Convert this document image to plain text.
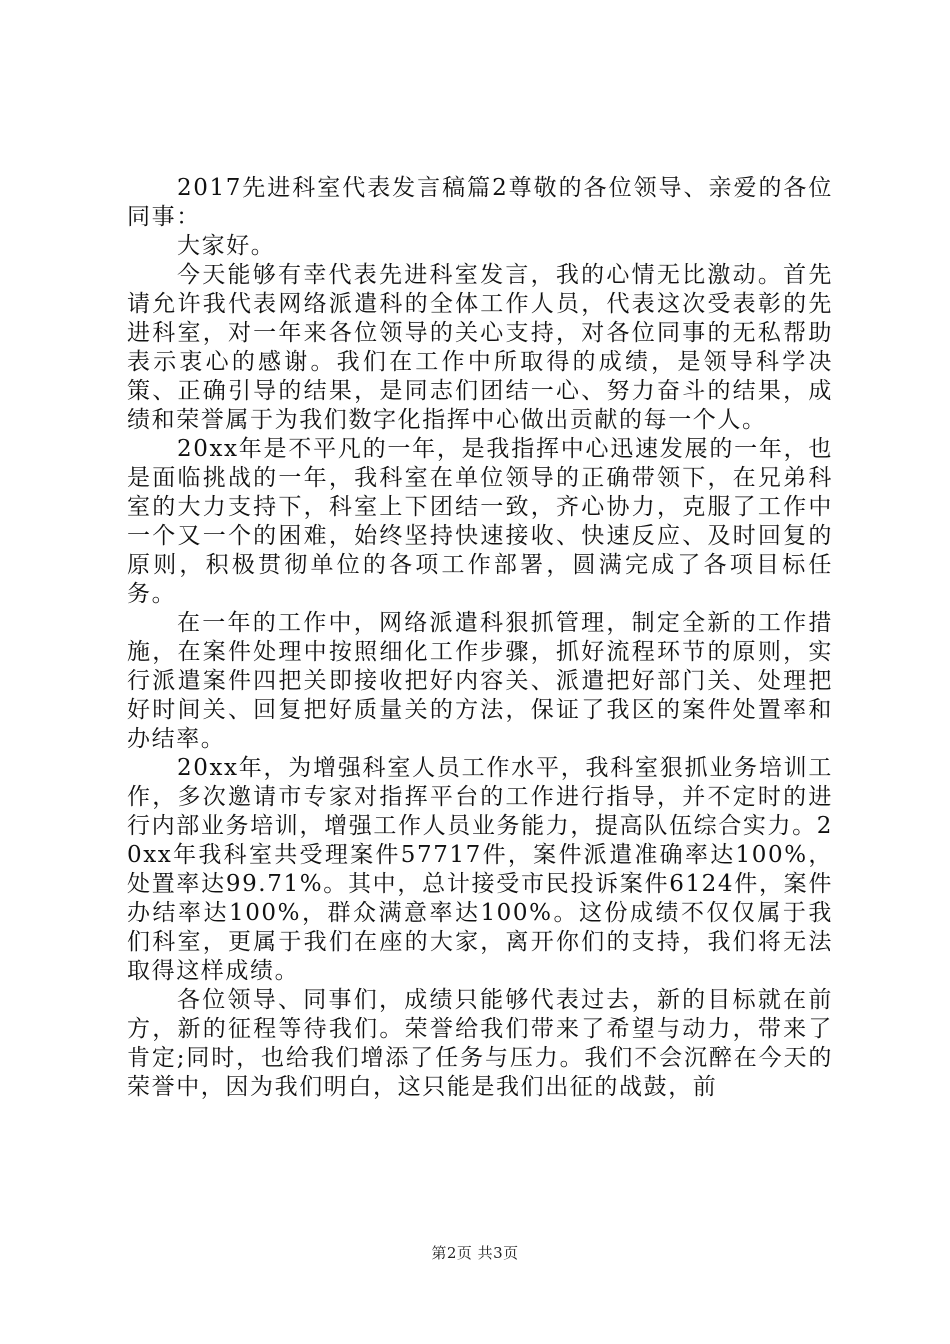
2017先进科室代表发言稿篇2尊敬的各位领导、亲爱的各位同事：

大家好。

今天能够有幸代表先进科室发言，我的心情无比激动。首先请允许我代表网络派遣科的全体工作人员，代表这次受表彰的先进科室，对一年来各位领导的关心支持，对各位同事的无私帮助表示衷心的感谢。我们在工作中所取得的成绩，是领导科学决策、正确引导的结果，是同志们团结一心、努力奋斗的结果，成绩和荣誉属于为我们数字化指挥中心做出贡献的每一个人。

20xx年是不平凡的一年，是我指挥中心迅速发展的一年，也是面临挑战的一年，我科室在单位领导的正确带领下，在兄弟科室的大力支持下，科室上下团结一致，齐心协力，克服了工作中一个又一个的困难，始终坚持快速接收、快速反应、及时回复的原则，积极贯彻单位的各项工作部署，圆满完成了各项目标任务。

在一年的工作中，网络派遣科狠抓管理，制定全新的工作措施，在案件处理中按照细化工作步骤，抓好流程环节的原则，实行派遣案件四把关即接收把好内容关、派遣把好部门关、处理把好时间关、回复把好质量关的方法，保证了我区的案件处置率和办结率。

20xx年，为增强科室人员工作水平，我科室狠抓业务培训工作，多次邀请市专家对指挥平台的工作进行指导，并不定时的进行内部业务培训，增强工作人员业务能力，提高队伍综合实力。20xx年我科室共受理案件57717件，案件派遣准确率达100%，处置率达99.71%。其中，总计接受市民投诉案件6124件，案件办结率达100%，群众满意率达100%。这份成绩不仅仅属于我们科室，更属于我们在座的大家，离开你们的支持，我们将无法取得这样成绩。

各位领导、同事们，成绩只能够代表过去，新的目标就在前方，新的征程等待我们。荣誉给我们带来了希望与动力，带来了肯定;同时，也给我们增添了任务与压力。我们不会沉醉在今天的荣誉中，因为我们明白，这只能是我们出征的战鼓，前

第2页 共3页
